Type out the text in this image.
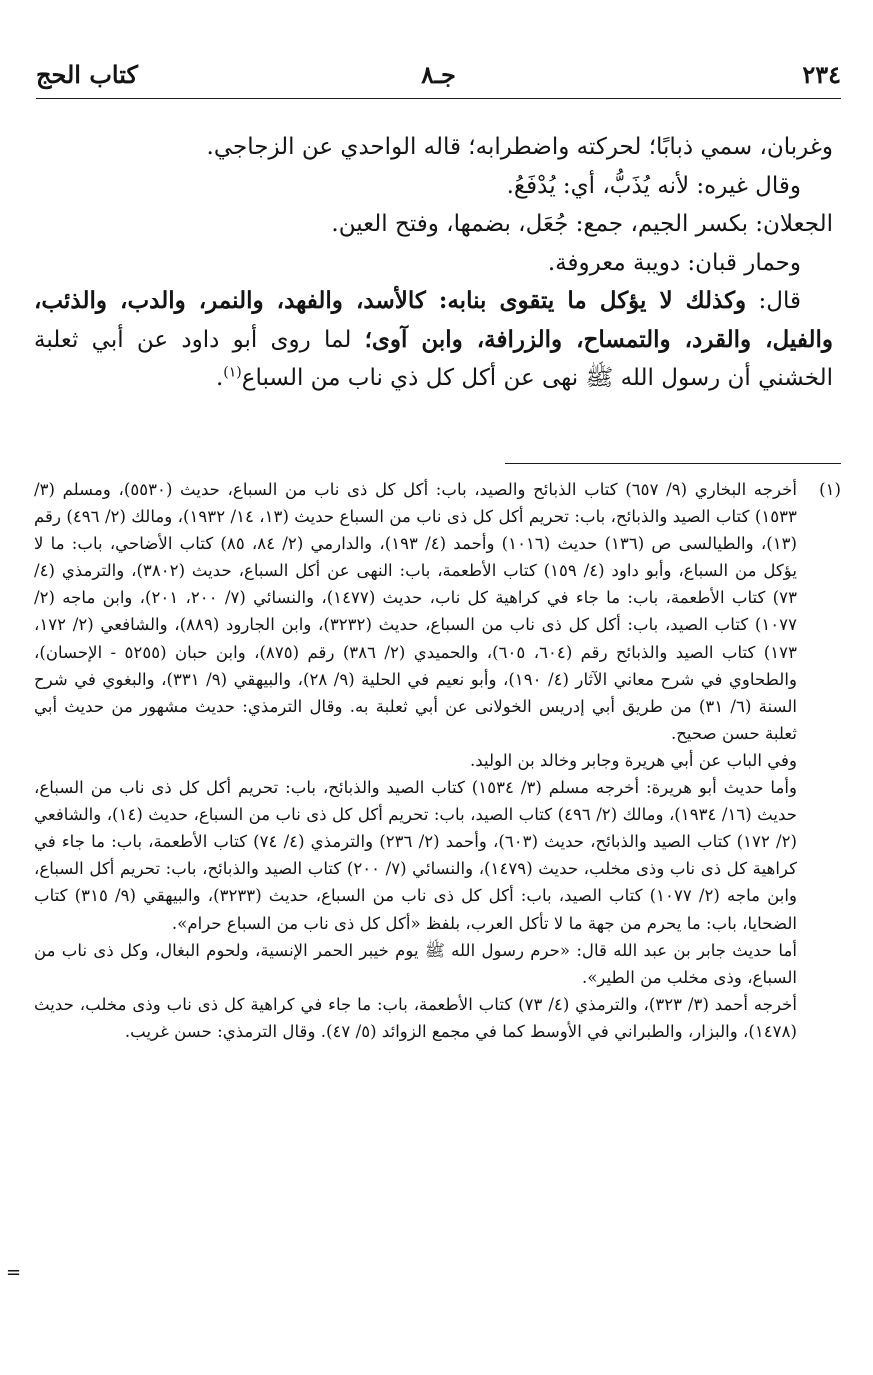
٢٣٤
جـ٨
كتاب الحج

وغربان، سمي ذبابًا؛ لحركته واضطرابه؛ قاله الواحدي عن الزجاجي.

وقال غيره: لأنه يُذَبُّ، أي: يُدْفَعُ.

الجعلان: بكسر الجيم، جمع: جُعَل، بضمها، وفتح العين.

وحمار قبان: دويبة معروفة.

قال: وكذلك لا يؤكل ما يتقوى بنابه: كالأسد، والفهد، والنمر، والدب، والذئب، والفيل، والقرد، والتمساح، والزرافة، وابن آوى؛ لما روى أبو داود عن أبي ثعلبة الخشني أن رسول الله ﷺ نهى عن أكل كل ذي ناب من السباع$^{(١)}$.

(١)

أخرجه البخاري (٩/ ٦٥٧) كتاب الذبائح والصيد، باب: أكل كل ذى ناب من السباع، حديث (٥٥٣٠)، ومسلم (٣/ ١٥٣٣) كتاب الصيد والذبائح، باب: تحريم أكل كل ذى ناب من السباع حديث (١٣، ١٤/ ١٩٣٢)، ومالك (٢/ ٤٩٦) رقم (١٣)، والطيالسى ص (١٣٦) حديث (١٠١٦) وأحمد (٤/ ١٩٣)، والدارمي (٢/ ٨٤، ٨٥) كتاب الأضاحي، باب: ما لا يؤكل من السباع، وأبو داود (٤/ ١٥٩) كتاب الأطعمة، باب: النهى عن أكل السباع، حديث (٣٨٠٢)، والترمذي (٤/ ٧٣) كتاب الأطعمة، باب: ما جاء في كراهية كل ناب، حديث (١٤٧٧)، والنسائي (٧/ ٢٠٠، ٢٠١)، وابن ماجه (٢/ ١٠٧٧) كتاب الصيد، باب: أكل كل ذى ناب من السباع، حديث (٣٢٣٢)، وابن الجارود (٨٨٩)، والشافعي (٢/ ١٧٢، ١٧٣) كتاب الصيد والذبائح رقم (٦٠٤، ٦٠٥)، والحميدي (٢/ ٣٨٦) رقم (٨٧٥)، وابن حبان (٥٢٥٥ - الإحسان)، والطحاوي في شرح معاني الآثار (٤/ ١٩٠)، وأبو نعيم في الحلية (٩/ ٢٨)، والبيهقي (٩/ ٣٣١)، والبغوي في شرح السنة (٦/ ٣١) من طريق أبي إدريس الخولانى عن أبي ثعلبة به. وقال الترمذي: حديث مشهور من حديث أبي ثعلبة حسن صحيح.

وفي الباب عن أبي هريرة وجابر وخالد بن الوليد.

وأما حديث أبو هريرة: أخرجه مسلم (٣/ ١٥٣٤) كتاب الصيد والذبائح، باب: تحريم أكل كل ذى ناب من السباع، حديث (١٦/ ١٩٣٤)، ومالك (٢/ ٤٩٦) كتاب الصيد، باب: تحريم أكل كل ذى ناب من السباع، حديث (١٤)، والشافعي (٢/ ١٧٢) كتاب الصيد والذبائح، حديث (٦٠٣)، وأحمد (٢/ ٢٣٦) والترمذي (٤/ ٧٤) كتاب الأطعمة، باب: ما جاء في كراهية كل ذى ناب وذى مخلب، حديث (١٤٧٩)، والنسائي (٧/ ٢٠٠) كتاب الصيد والذبائح، باب: تحريم أكل السباع، وابن ماجه (٢/ ١٠٧٧) كتاب الصيد، باب: أكل كل ذى ناب من السباع، حديث (٣٢٣٣)، والبيهقي (٩/ ٣١٥) كتاب الضحايا، باب: ما يحرم من جهة ما لا تأكل العرب، بلفظ «أكل كل ذى ناب من السباع حرام».

أما حديث جابر بن عبد الله قال: «حرم رسول الله ﷺ يوم خيبر الحمر الإنسية، ولحوم البغال، وكل ذى ناب من السباع، وذى مخلب من الطير».

أخرجه أحمد (٣/ ٣٢٣)، والترمذي (٤/ ٧٣) كتاب الأطعمة، باب: ما جاء في كراهية كل ذى ناب وذى مخلب، حديث (١٤٧٨)، والبزار، والطبراني في الأوسط كما في مجمع الزوائد (٥/ ٤٧). وقال الترمذي: حسن غريب.

=
